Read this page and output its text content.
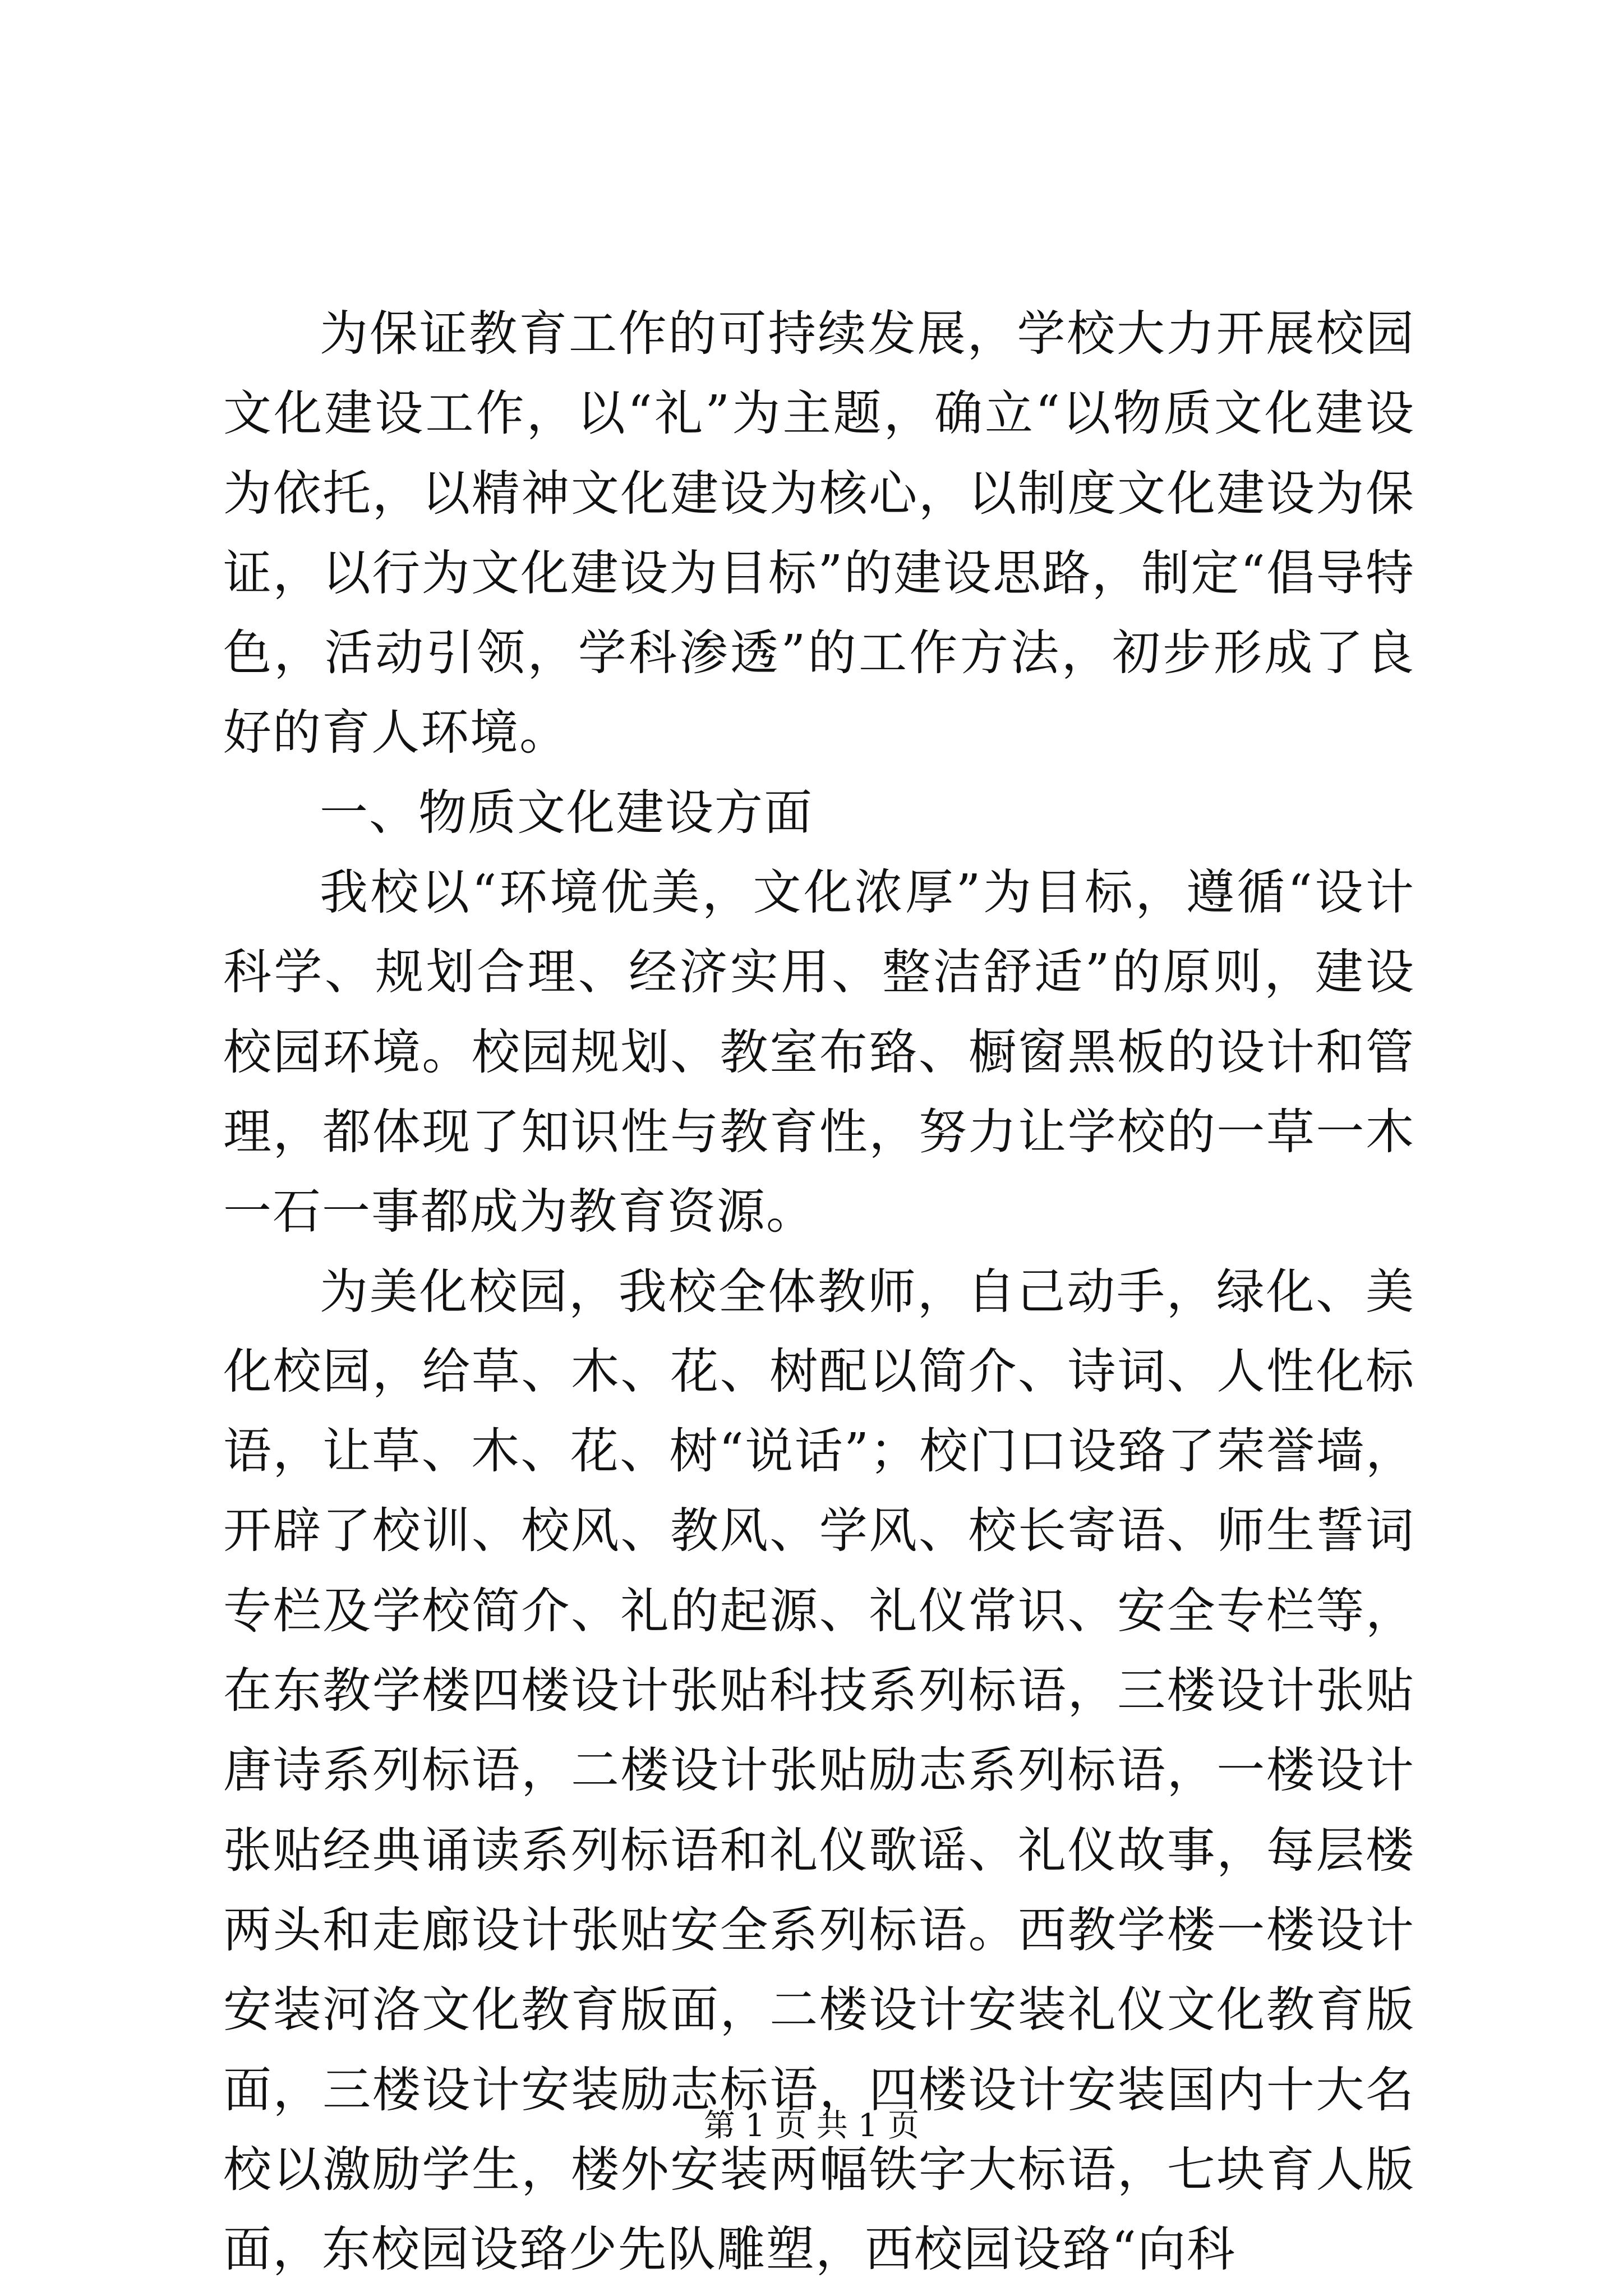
为保证教育工作的可持续发展，学校大力开展校园文化建设工作，以“礼”为主题，确立“以物质文化建设为依托，以精神文化建设为核心，以制度文化建设为保证，以行为文化建设为目标”的建设思路，制定“倡导特色，活动引领，学科渗透”的工作方法，初步形成了良好的育人环境。

一、物质文化建设方面

我校以“环境优美，文化浓厚”为目标，遵循“设计科学、规划合理、经济实用、整洁舒适”的原则，建设校园环境。校园规划、教室布臵、橱窗黑板的设计和管理，都体现了知识性与教育性，努力让学校的一草一木一石一事都成为教育资源。

为美化校园，我校全体教师，自己动手，绿化、美化校园，给草、木、花、树配以简介、诗词、人性化标语，让草、木、花、树“说话”；校门口设臵了荣誉墙，开辟了校训、校风、教风、学风、校长寄语、师生誓词专栏及学校简介、礼的起源、礼仪常识、安全专栏等，在东教学楼四楼设计张贴科技系列标语，三楼设计张贴唐诗系列标语，二楼设计张贴励志系列标语，一楼设计张贴经典诵读系列标语和礼仪歌谣、礼仪故事，每层楼两头和走廊设计张贴安全系列标语。西教学楼一楼设计安装河洛文化教育版面，二楼设计安装礼仪文化教育版面，三楼设计安装励志标语，四楼设计安装国内十大名校以激励学生，楼外安装两幅铁字大标语，七块育人版面，东校园设臵少先队雕塑，西校园设臵“向科

第 1 页 共 1 页
